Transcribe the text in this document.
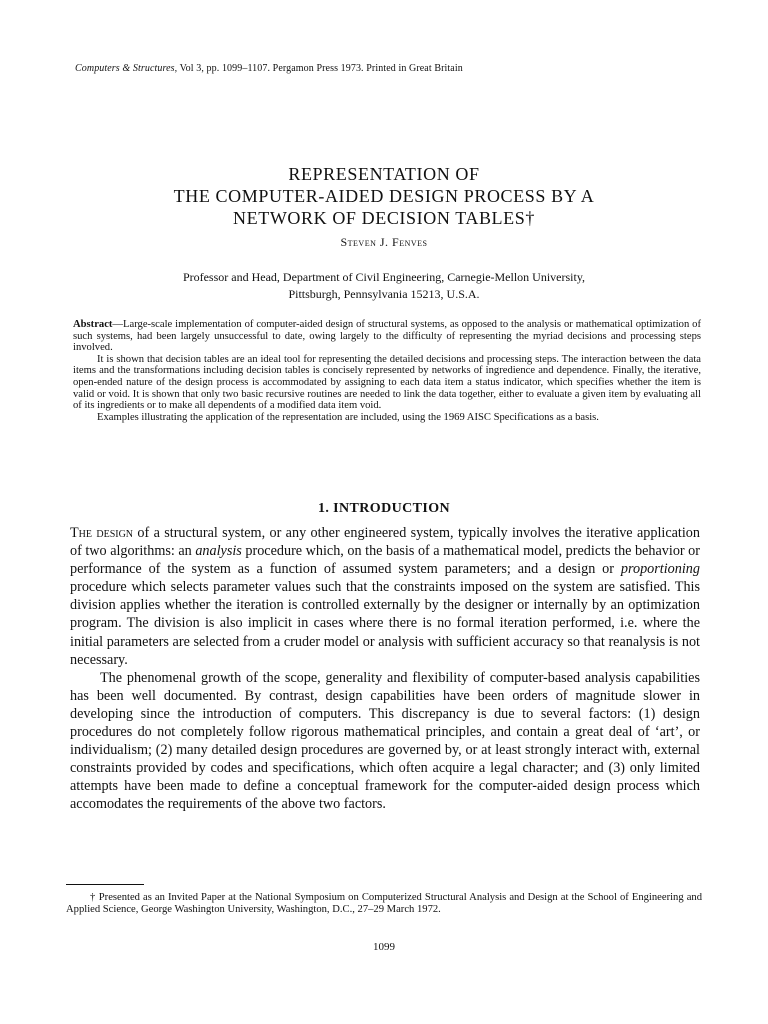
Computers & Structures, Vol 3, pp. 1099–1107. Pergamon Press 1973. Printed in Great Britain
REPRESENTATION OF
THE COMPUTER-AIDED DESIGN PROCESS BY A
NETWORK OF DECISION TABLES†
Steven J. Fenves
Professor and Head, Department of Civil Engineering, Carnegie-Mellon University,
Pittsburgh, Pennsylvania 15213, U.S.A.

Abstract—Large-scale implementation of computer-aided design of structural systems, as opposed to the analysis or mathematical optimization of such systems, had been largely unsuccessful to date, owing largely to the difficulty of representing the myriad decisions and processing steps involved.

It is shown that decision tables are an ideal tool for representing the detailed decisions and processing steps. The interaction between the data items and the transformations including decision tables is concisely represented by networks of ingredience and dependence. Finally, the iterative, open-ended nature of the design process is accommodated by assigning to each data item a status indicator, which specifies whether the item is valid or void. It is shown that only two basic recursive routines are needed to link the data together, either to evaluate a given item by evaluating all of its ingredients or to make all dependents of a modified data item void.

Examples illustrating the application of the representation are included, using the 1969 AISC Specifications as a basis.

1. INTRODUCTION

The design of a structural system, or any other engineered system, typically involves the iterative application of two algorithms: an analysis procedure which, on the basis of a mathematical model, predicts the behavior or performance of the system as a function of assumed system parameters; and a design or proportioning procedure which selects parameter values such that the constraints imposed on the system are satisfied. This division applies whether the iteration is controlled externally by the designer or internally by an optimization program. The division is also implicit in cases where there is no formal iteration performed, i.e. where the initial parameters are selected from a cruder model or analysis with sufficient accuracy so that reanalysis is not necessary.

The phenomenal growth of the scope, generality and flexibility of computer-based analysis capabilities has been well documented. By contrast, design capabilities have been orders of magnitude slower in developing since the introduction of computers. This discrepancy is due to several factors: (1) design procedures do not completely follow rigorous mathematical principles, and contain a great deal of ‘art’, or individualism; (2) many detailed design procedures are governed by, or at least strongly interact with, external constraints provided by codes and specifications, which often acquire a legal character; and (3) only limited attempts have been made to define a conceptual framework for the computer-aided design process which accomodates the requirements of the above two factors.

† Presented as an Invited Paper at the National Symposium on Computerized Structural Analysis and Design at the School of Engineering and Applied Science, George Washington University, Washington, D.C., 27–29 March 1972.

1099
